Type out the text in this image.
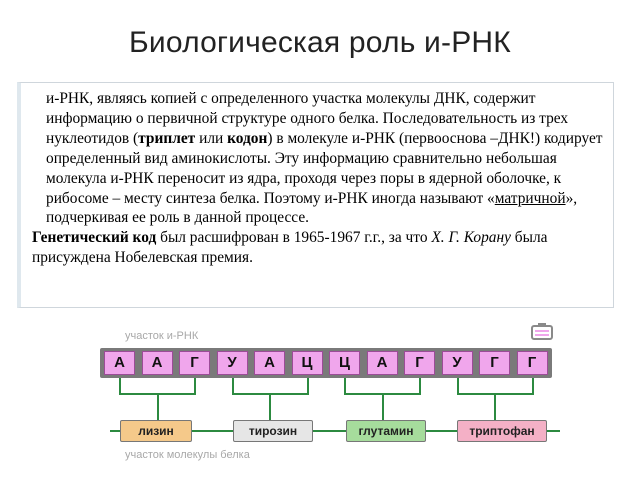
Биологическая роль и-РНК
и-РНК, являясь копией с определенного участка молекулы ДНК, содержит информацию о первичной структуре одного белка. Последовательность из трех нуклеотидов (триплет или кодон) в молекуле и-РНК (первооснова –ДНК!) кодирует определенный вид аминокислоты. Эту информацию сравнительно небольшая молекула и-РНК переносит из ядра, проходя через поры в ядерной оболочке, к рибосоме – месту синтеза белка. Поэтому и-РНК иногда называют «матричной», подчеркивая ее роль в данной процессе.
Генетический код был расшифрован в 1965-1967 г.г., за что Х. Г. Корану была присуждена Нобелевская премия.
участок и-РНК
А	А	Г	У	А	Ц	Ц	А	Г	У	Г	Г
лизин	тирозин	глутамин	триптофан
участок молекулы белка
